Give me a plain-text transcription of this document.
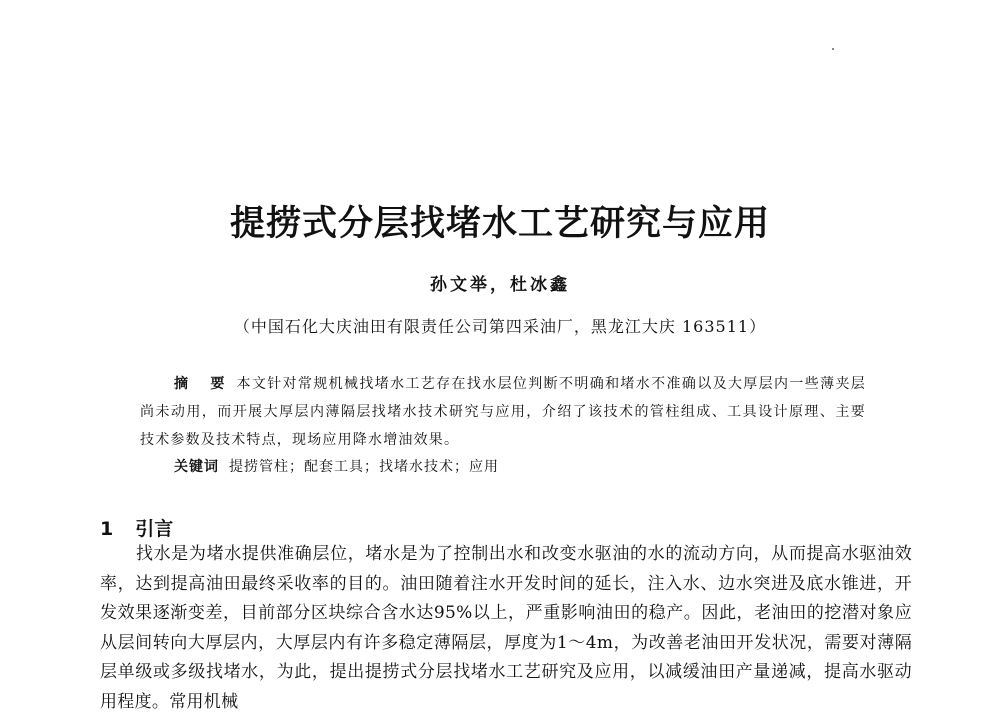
提捞式分层找堵水工艺研究与应用
孙文举，杜冰鑫
（中国石化大庆油田有限责任公司第四采油厂，黑龙江大庆 163511）

摘　要 本文针对常规机械找堵水工艺存在找水层位判断不明确和堵水不准确以及大厚层内一些薄夹层尚未动用，而开展大厚层内薄隔层找堵水技术研究与应用，介绍了该技术的管柱组成、工具设计原理、主要技术参数及技术特点，现场应用降水增油效果。

关键词 提捞管柱；配套工具；找堵水技术；应用
1 引言

找水是为堵水提供准确层位，堵水是为了控制出水和改变水驱油的水的流动方向，从而提高水驱油效率，达到提高油田最终采收率的目的。油田随着注水开发时间的延长，注入水、边水突进及底水锥进，开发效果逐渐变差，目前部分区块综合含水达95%以上，严重影响油田的稳产。因此，老油田的挖潜对象应从层间转向大厚层内，大厚层内有许多稳定薄隔层，厚度为1～4m，为改善老油田开发状况，需要对薄隔层单级或多级找堵水，为此，提出提捞式分层找堵水工艺研究及应用，以减缓油田产量递减，提高水驱动用程度。常用机械
